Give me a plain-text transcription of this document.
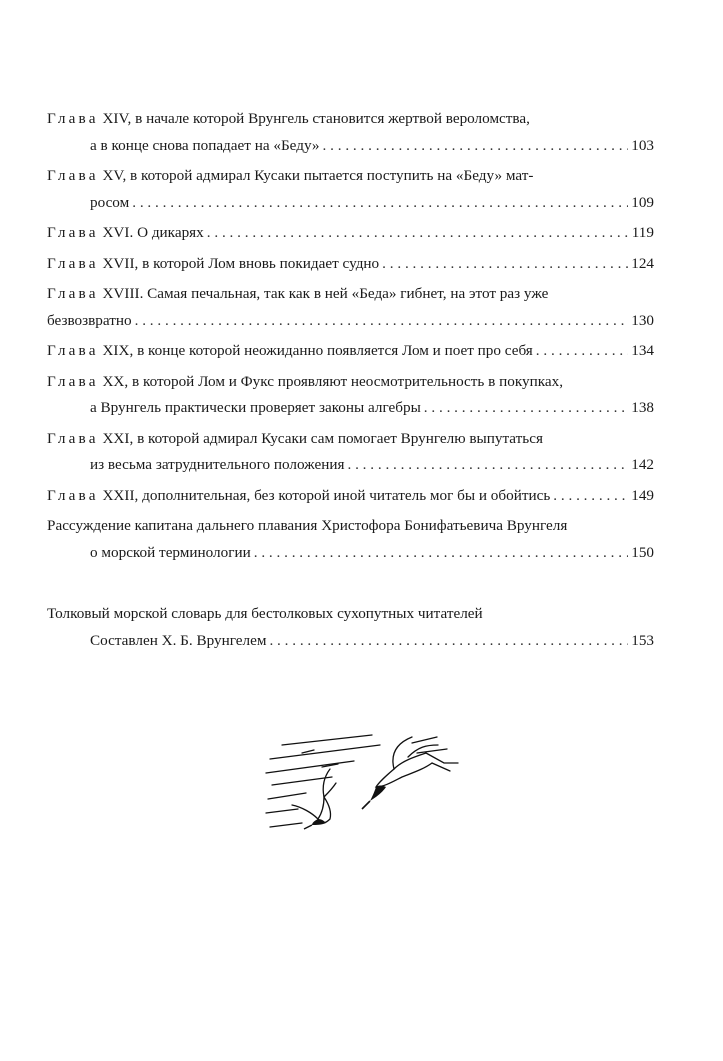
Глава XIV, в начале которой Врунгель становится жертвой вероломства,
а в конце снова попадает на «Беду» . . .	103
Глава XV, в которой адмирал Кусаки пытается поступить на «Беду» мат-
росом . . .	109
Глава XVI. О дикарях . . .	119
Глава XVII, в которой Лом вновь покидает судно . . .	124
Глава XVIII. Самая печальная, так как в ней «Беда» гибнет, на этот раз уже
безвозвратно . . .	130
Глава XIX, в конце которой неожиданно появляется Лом и поет про себя . . .	134
Глава XX, в которой Лом и Фукс проявляют неосмотрительность в покупках,
а Врунгель практически проверяет законы алгебры . . .	138
Глава XXI, в которой адмирал Кусаки сам помогает Врунгелю выпутаться
из весьма затруднительного положения . . .	142
Глава XXII, дополнительная, без которой иной читатель мог бы и обойтись . . .	149
Рассуждение капитана дальнего плавания Христофора Бонифатьевича Врунгеля
о морской терминологии . . .	150
Толковый морской словарь для бестолковых сухопутных читателей
Составлен Х. Б. Врунгелем . . .	153
